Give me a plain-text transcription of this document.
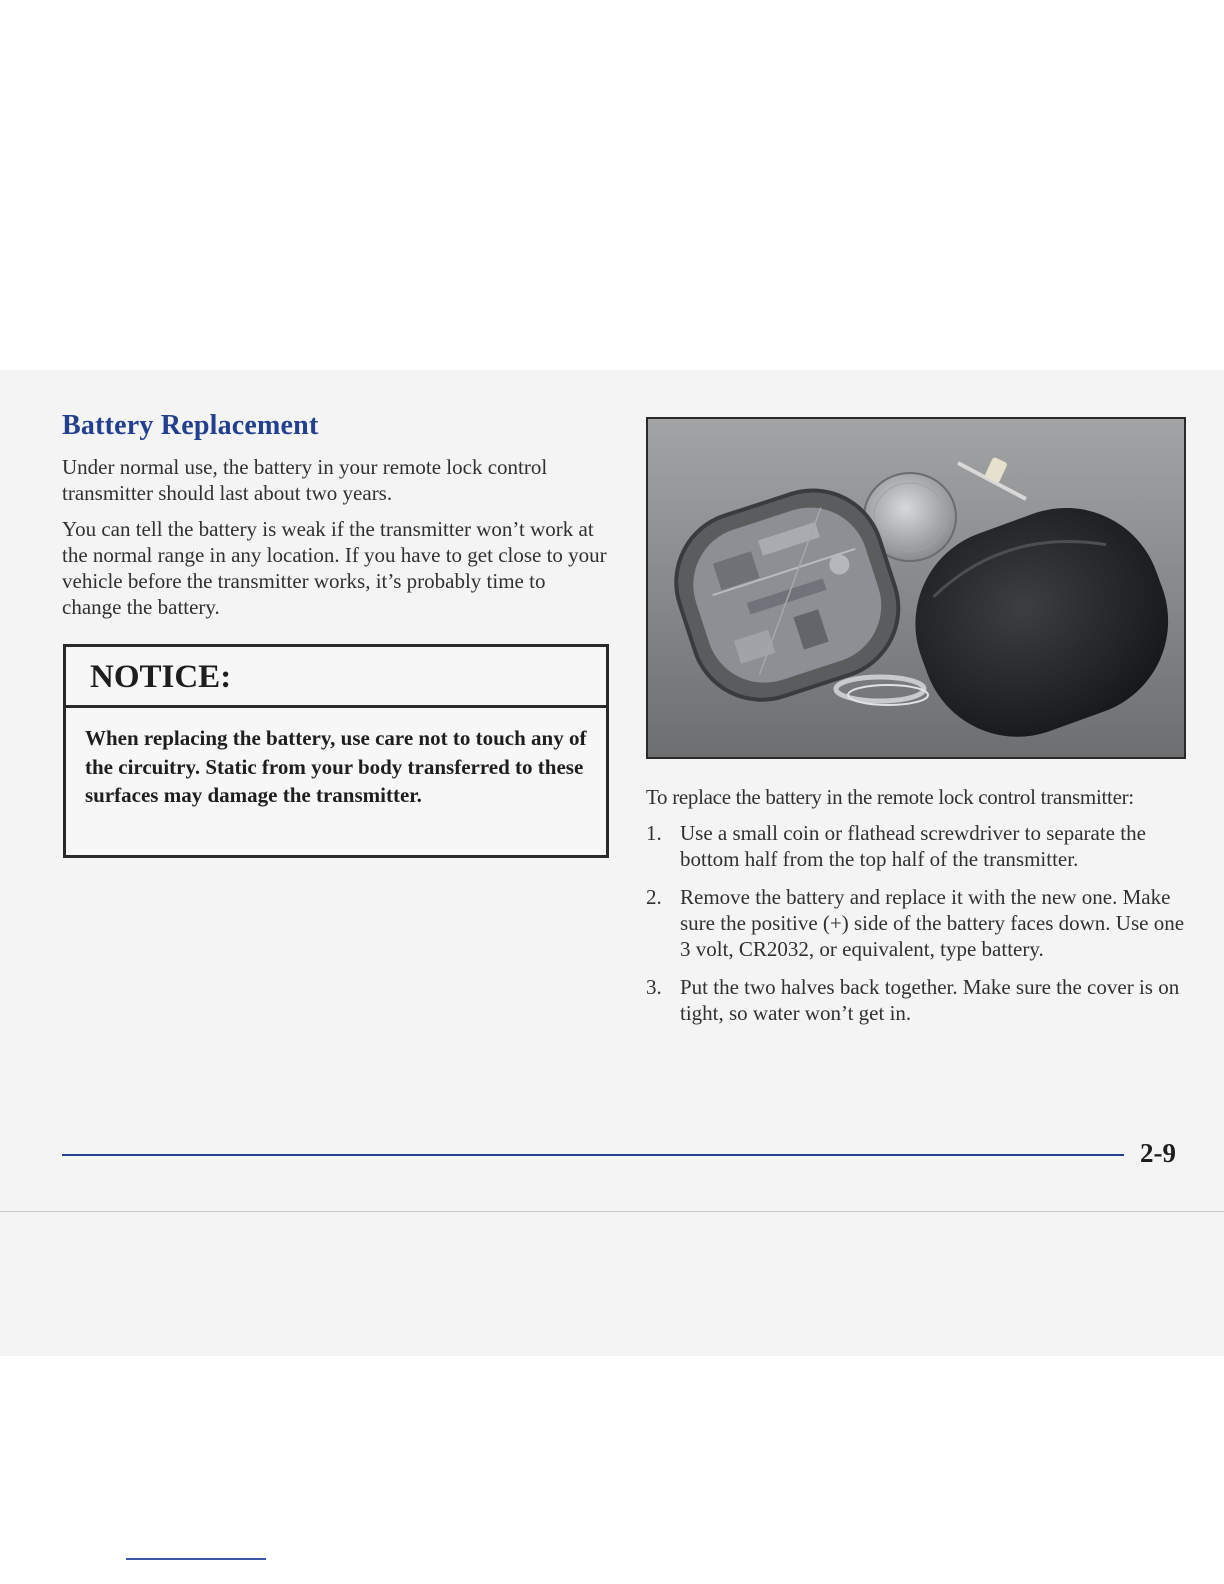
Battery Replacement

Under normal use, the battery in your remote lock control transmitter should last about two years.

You can tell the battery is weak if the transmitter won’t work at the normal range in any location. If you have to get close to your vehicle before the transmitter works, it’s probably time to change the battery.

NOTICE:
When replacing the battery, use care not to touch any of the circuitry. Static from your body transferred to these surfaces may damage the transmitter.	To replace the battery in the remote lock control transmitter:

1. Use a small coin or flathead screwdriver to separate the bottom half from the top half of the transmitter.
2. Remove the battery and replace it with the new one. Make sure the positive (+) side of the battery faces down. Use one 3 volt, CR2032, or equivalent, type battery.
3. Put the two halves back together. Make sure the cover is on tight, so water won’t get in.
2-9
